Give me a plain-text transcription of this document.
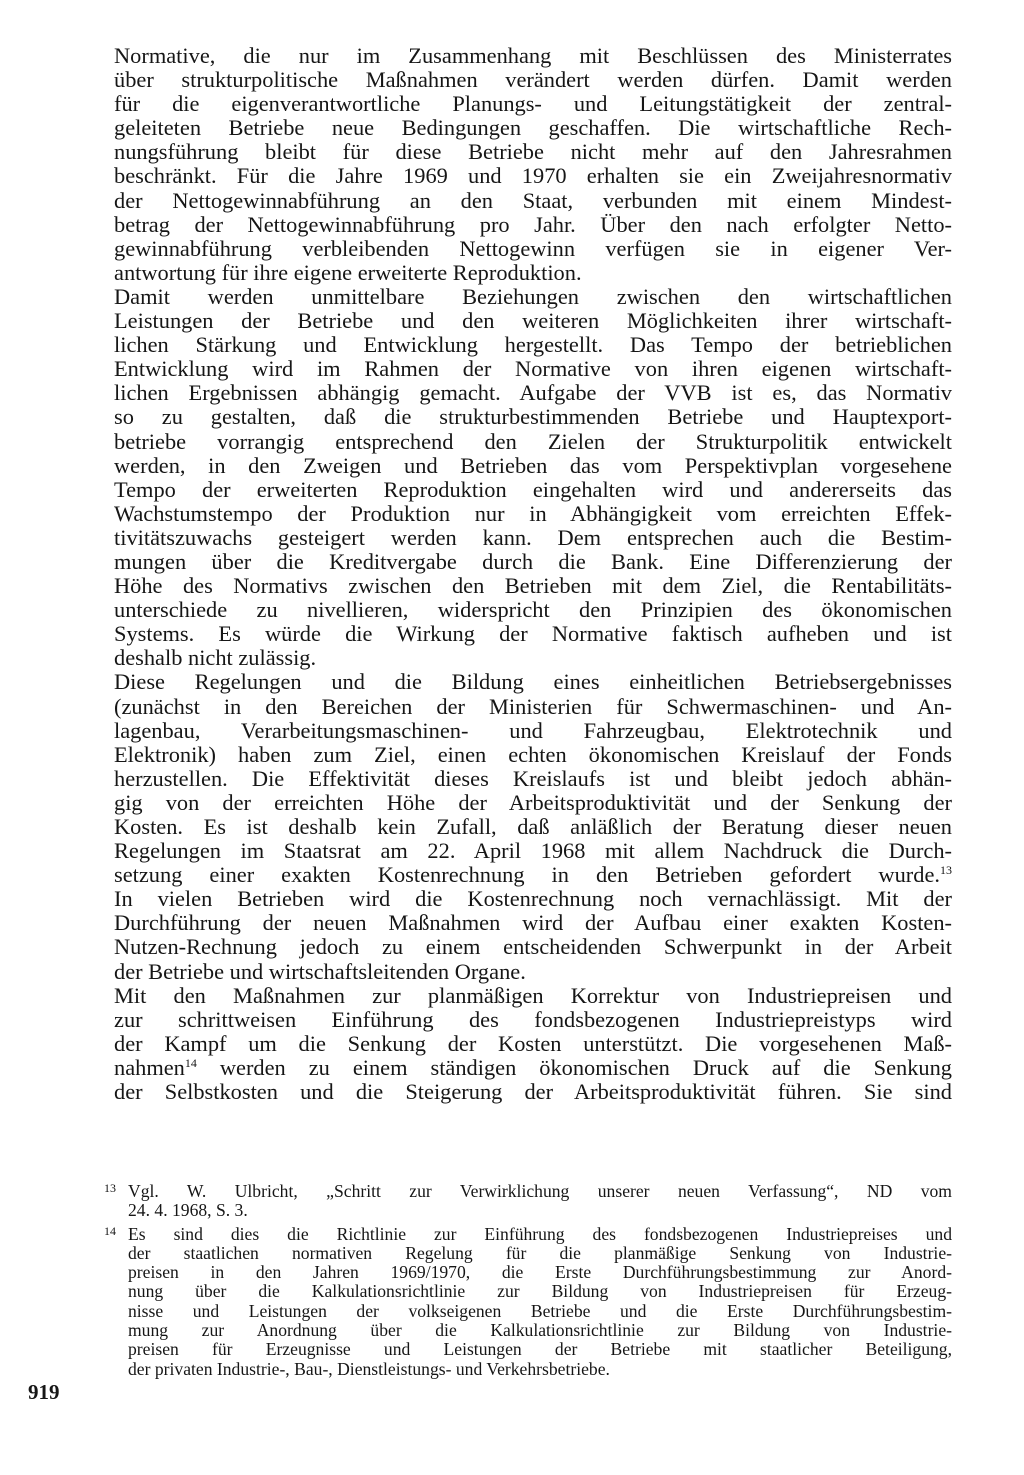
Normative, die nur im Zusammenhang mit Beschlüssen des Ministerrates
über strukturpolitische Maßnahmen verändert werden dürfen. Damit werden
für die eigenverantwortliche Planungs- und Leitungstätigkeit der zentral-
geleiteten Betriebe neue Bedingungen geschaffen. Die wirtschaftliche Rech-
nungsführung bleibt für diese Betriebe nicht mehr auf den Jahresrahmen
beschränkt. Für die Jahre 1969 und 1970 erhalten sie ein Zweijahresnormativ
der Nettogewinnabführung an den Staat, verbunden mit einem Mindest-
betrag der Nettogewinnabführung pro Jahr. Über den nach erfolgter Netto-
gewinnabführung verbleibenden Nettogewinn verfügen sie in eigener Ver-
antwortung für ihre eigene erweiterte Reproduktion.
Damit werden unmittelbare Beziehungen zwischen den wirtschaftlichen
Leistungen der Betriebe und den weiteren Möglichkeiten ihrer wirtschaft-
lichen Stärkung und Entwicklung hergestellt. Das Tempo der betrieblichen
Entwicklung wird im Rahmen der Normative von ihren eigenen wirtschaft-
lichen Ergebnissen abhängig gemacht. Aufgabe der VVB ist es, das Normativ
so zu gestalten, daß die strukturbestimmenden Betriebe und Hauptexport-
betriebe vorrangig entsprechend den Zielen der Strukturpolitik entwickelt
werden, in den Zweigen und Betrieben das vom Perspektivplan vorgesehene
Tempo der erweiterten Reproduktion eingehalten wird und andererseits das
Wachstumstempo der Produktion nur in Abhängigkeit vom erreichten Effek-
tivitätszuwachs gesteigert werden kann. Dem entsprechen auch die Bestim-
mungen über die Kreditvergabe durch die Bank. Eine Differenzierung der
Höhe des Normativs zwischen den Betrieben mit dem Ziel, die Rentabilitäts-
unterschiede zu nivellieren, widerspricht den Prinzipien des ökonomischen
Systems. Es würde die Wirkung der Normative faktisch aufheben und ist
deshalb nicht zulässig.
Diese Regelungen und die Bildung eines einheitlichen Betriebsergebnisses
(zunächst in den Bereichen der Ministerien für Schwermaschinen- und An-
lagenbau, Verarbeitungsmaschinen- und Fahrzeugbau, Elektrotechnik und
Elektronik) haben zum Ziel, einen echten ökonomischen Kreislauf der Fonds
herzustellen. Die Effektivität dieses Kreislaufs ist und bleibt jedoch abhän-
gig von der erreichten Höhe der Arbeitsproduktivität und der Senkung der
Kosten. Es ist deshalb kein Zufall, daß anläßlich der Beratung dieser neuen
Regelungen im Staatsrat am 22. April 1968 mit allem Nachdruck die Durch-
setzung einer exakten Kostenrechnung in den Betrieben gefordert wurde.$^{13}$
In vielen Betrieben wird die Kostenrechnung noch vernachlässigt. Mit der
Durchführung der neuen Maßnahmen wird der Aufbau einer exakten Kosten-
Nutzen-Rechnung jedoch zu einem entscheidenden Schwerpunkt in der Arbeit
der Betriebe und wirtschaftsleitenden Organe.
Mit den Maßnahmen zur planmäßigen Korrektur von Industriepreisen und
zur schrittweisen Einführung des fondsbezogenen Industriepreistyps wird
der Kampf um die Senkung der Kosten unterstützt. Die vorgesehenen Maß-
nahmen$^{14}$ werden zu einem ständigen ökonomischen Druck auf die Senkung
der Selbstkosten und die Steigerung der Arbeitsproduktivität führen. Sie sind
13 Vgl. W. Ulbricht, „Schritt zur Verwirklichung unserer neuen Verfassung“, ND vom
24. 4. 1968, S. 3.
14 Es sind dies die Richtlinie zur Einführung des fondsbezogenen Industriepreises und
der staatlichen normativen Regelung für die planmäßige Senkung von Industrie-
preisen in den Jahren 1969/1970, die Erste Durchführungsbestimmung zur Anord-
nung über die Kalkulationsrichtlinie zur Bildung von Industriepreisen für Erzeug-
nisse und Leistungen der volkseigenen Betriebe und die Erste Durchführungsbestim-
mung zur Anordnung über die Kalkulationsrichtlinie zur Bildung von Industrie-
preisen für Erzeugnisse und Leistungen der Betriebe mit staatlicher Beteiligung,
der privaten Industrie-, Bau-, Dienstleistungs- und Verkehrsbetriebe.
919
